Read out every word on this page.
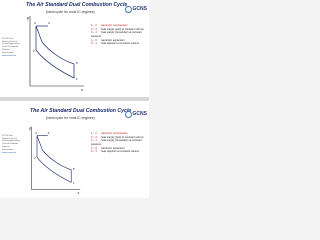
The Air Standard Dual Combustion Cycle
(Ideal cycle for most IC engines)	GCNS
SCOS Olen Newnes Lecture for the Engineering Council Graduate Diploma Examination
www.scosoc.eit
p
v
3	4
2
1
5
1 – 2	isentropic compression
2 – 3	heat supply (part) at constant volume
3 – 4	heat supply (remainder) at constant
pressure
4 – 5	isentropic expansion
5 – 1	heat rejection at constant volume
The Air Standard Dual Combustion Cycle
(Ideal cycle for most IC engines)
GCNS
SCOS Olen Newnes Lecture for the Engineering Council Graduate Diploma Examination
www.scosoc.eit
p
v
3	4
2
1
5
1 – 2	isentropic compression
2 – 3	heat supply (part) at constant volume
3 – 4	heat supply (remainder) at constant
pressure
4 – 5	isentropic expansion
5 – 1	heat rejection at constant volume
